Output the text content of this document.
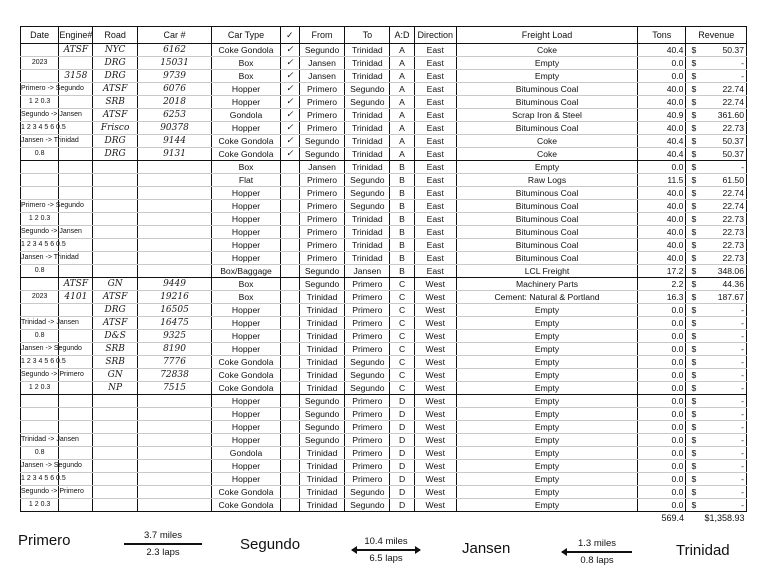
Date	Engine#	Road	Car #	Car Type	✓	From	To	A:D	Direction	Freight Load	Tons	Revenue
	ATSF	NYC	6162	Coke Gondola	✓	Segundo	Trinidad	A	East	Coke	40.4	$ 50.37
2023		DRG	15031	Box	✓	Jansen	Trinidad	A	East	Empty	0.0	$ -
	3158	DRG	9739	Box	✓	Jansen	Trinidad	A	East	Empty	0.0	$ -
Primero -> Segundo		ATSF	6076	Hopper	✓	Primero	Segundo	A	East	Bituminous Coal	40.0	$ 22.74
1 2 0.3		SRB	2018	Hopper	✓	Primero	Segundo	A	East	Bituminous Coal	40.0	$ 22.74
Segundo -> Jansen		ATSF	6253	Gondola	✓	Primero	Trinidad	A	East	Scrap Iron & Steel	40.9	$ 361.60
1 2 3 4 5 6 0.5		Frisco	90378	Hopper	✓	Primero	Trinidad	A	East	Bituminous Coal	40.0	$ 22.73
Jansen -> Trinidad		DRG	9144	Coke Gondola	✓	Segundo	Trinidad	A	East	Coke	40.4	$ 50.37
0.8		DRG	9131	Coke Gondola	✓	Segundo	Trinidad	A	East	Coke	40.4	$ 50.37
				Box		Jansen	Trinidad	B	East	Empty	0.0	$ -
				Flat		Primero	Segundo	B	East	Raw Logs	11.5	$ 61.50
				Hopper		Primero	Segundo	B	East	Bituminous Coal	40.0	$ 22.74
Primero -> Segundo				Hopper		Primero	Segundo	B	East	Bituminous Coal	40.0	$ 22.74
1 2 0.3				Hopper		Primero	Trinidad	B	East	Bituminous Coal	40.0	$ 22.73
Segundo -> Jansen				Hopper		Primero	Trinidad	B	East	Bituminous Coal	40.0	$ 22.73
1 2 3 4 5 6 0.5				Hopper		Primero	Trinidad	B	East	Bituminous Coal	40.0	$ 22.73
Jansen -> Trinidad				Hopper		Primero	Trinidad	B	East	Bituminous Coal	40.0	$ 22.73
0.8				Box/Baggage		Segundo	Jansen	B	East	LCL Freight	17.2	$ 348.06
	ATSF	GN	9449	Box		Segundo	Primero	C	West	Machinery Parts	2.2	$ 44.36
2023	4101	ATSF	19216	Box		Trinidad	Primero	C	West	Cement: Natural & Portland	16.3	$ 187.67
		DRG	16505	Hopper		Trinidad	Primero	C	West	Empty	0.0	$ -
Trinidad -> Jansen		ATSF	16475	Hopper		Trinidad	Primero	C	West	Empty	0.0	$ -
0.8		D&S	9325	Hopper		Trinidad	Primero	C	West	Empty	0.0	$ -
Jansen -> Segundo		SRB	8190	Hopper		Trinidad	Primero	C	West	Empty	0.0	$ -
1 2 3 4 5 6 0.5		SRB	7776	Coke Gondola		Trinidad	Segundo	C	West	Empty	0.0	$ -
Segundo -> Primero		GN	72838	Coke Gondola		Trinidad	Segundo	C	West	Empty	0.0	$ -
1 2 0.3		NP	7515	Coke Gondola		Trinidad	Segundo	C	West	Empty	0.0	$ -
				Hopper		Segundo	Primero	D	West	Empty	0.0	$ -
				Hopper		Segundo	Primero	D	West	Empty	0.0	$ -
				Hopper		Segundo	Primero	D	West	Empty	0.0	$ -
Trinidad -> Jansen				Hopper		Segundo	Primero	D	West	Empty	0.0	$ -
0.8				Gondola		Trinidad	Primero	D	West	Empty	0.0	$ -
Jansen -> Segundo				Hopper		Trinidad	Primero	D	West	Empty	0.0	$ -
1 2 3 4 5 6 0.5				Hopper		Trinidad	Primero	D	West	Empty	0.0	$ -
Segundo -> Primero				Coke Gondola		Trinidad	Segundo	D	West	Empty	0.0	$ -
1 2 0.3				Coke Gondola		Trinidad	Segundo	D	West	Empty	0.0	$ -
											569.4	$1,358.93
Primero	3.7 miles
2.3 laps	Segundo	10.4 miles
6.5 laps
Jansen	1.3 miles
0.8 laps
Trinidad
